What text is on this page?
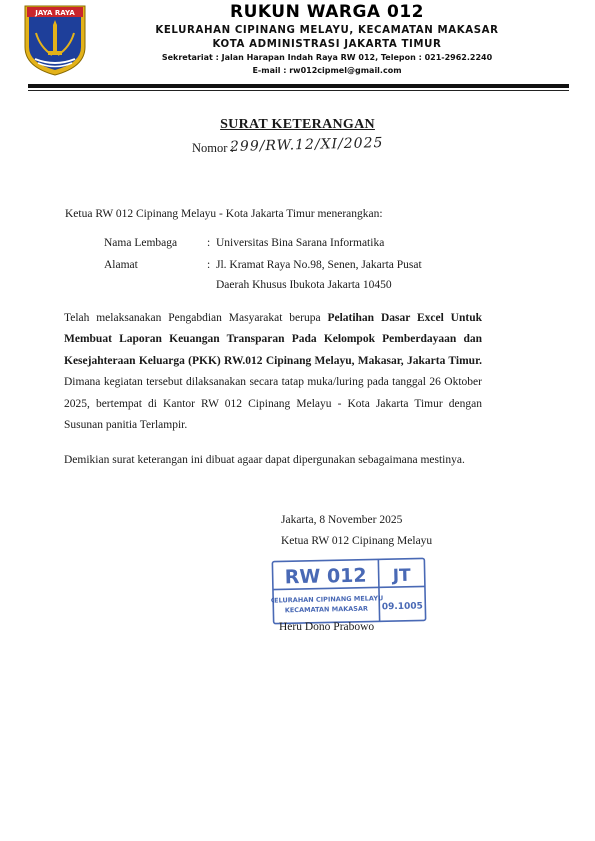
JAYA RAYA	RUKUN WARGA 012
KELURAHAN CIPINANG MELAYU, KECAMATAN MAKASAR
KOTA ADMINISTRASI JAKARTA TIMUR
Sekretariat : Jalan Harapan Indah Raya RW 012, Telepon : 021-2962.2240
E-mail : rw012cipmel@gmail.com
SURAT KETERANGAN
Nomor :
299/RW.12/XI/2025
Ketua RW 012 Cipinang Melayu - Kota Jakarta Timur menerangkan:
Nama Lembaga	: Universitas Bina Sarana Informatika
Alamat	: Jl. Kramat Raya No.98, Senen, Jakarta Pusat
Daerah Khusus Ibukota Jakarta 10450
Telah melaksanakan Pengabdian Masyarakat berupa Pelatihan Dasar Excel Untuk Membuat Laporan Keuangan Transparan Pada Kelompok Pemberdayaan dan Kesejahteraan Keluarga (PKK) RW.012 Cipinang Melayu, Makasar, Jakarta Timur. Dimana kegiatan tersebut dilaksanakan secara tatap muka/luring pada tanggal 26 Oktober 2025, bertempat di Kantor RW 012 Cipinang Melayu - Kota Jakarta Timur dengan Susunan panitia Terlampir.
Demikian surat keterangan ini dibuat agaar dapat dipergunakan sebagaimana mestinya.
Jakarta, 8 November 2025
Ketua RW 012 Cipinang Melayu
RW 012 JT
KELURAHAN CIPINANG MELAYU
KECAMATAN MAKASAR 09.1005
Heru Dono Prabowo
